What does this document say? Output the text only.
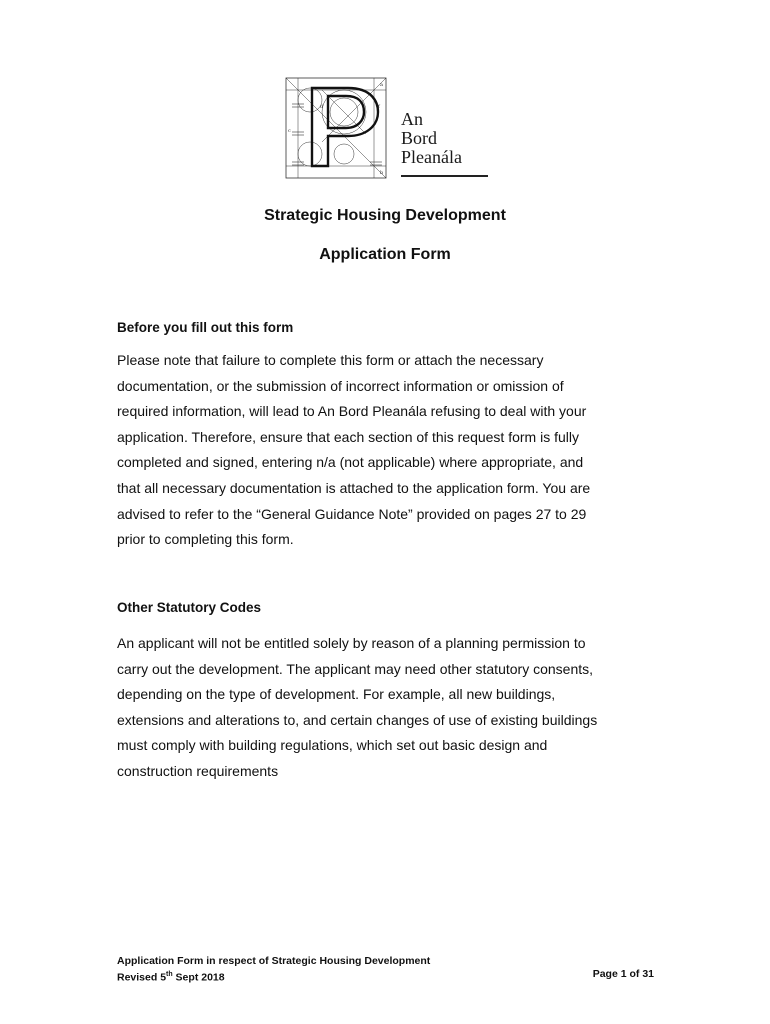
a
b
c
f
d
An
Bord
Pleanála
Strategic Housing Development
Application Form
Before you fill out this form
Please note that failure to complete this form or attach the necessary
documentation, or the submission of incorrect information or omission of
required information, will lead to An Bord Pleanála refusing to deal with your
application. Therefore, ensure that each section of this request form is fully
completed and signed, entering n/a (not applicable) where appropriate, and
that all necessary documentation is attached to the application form. You are
advised to refer to the “General Guidance Note” provided on pages 27 to 29
prior to completing this form.
Other Statutory Codes
An applicant will not be entitled solely by reason of a planning permission to
carry out the development. The applicant may need other statutory consents,
depending on the type of development. For example, all new buildings,
extensions and alterations to, and certain changes of use of existing buildings
must comply with building regulations, which set out basic design and
construction requirements
Application Form in respect of Strategic Housing Development
Revised 5th Sept 2018	Page 1 of 31
